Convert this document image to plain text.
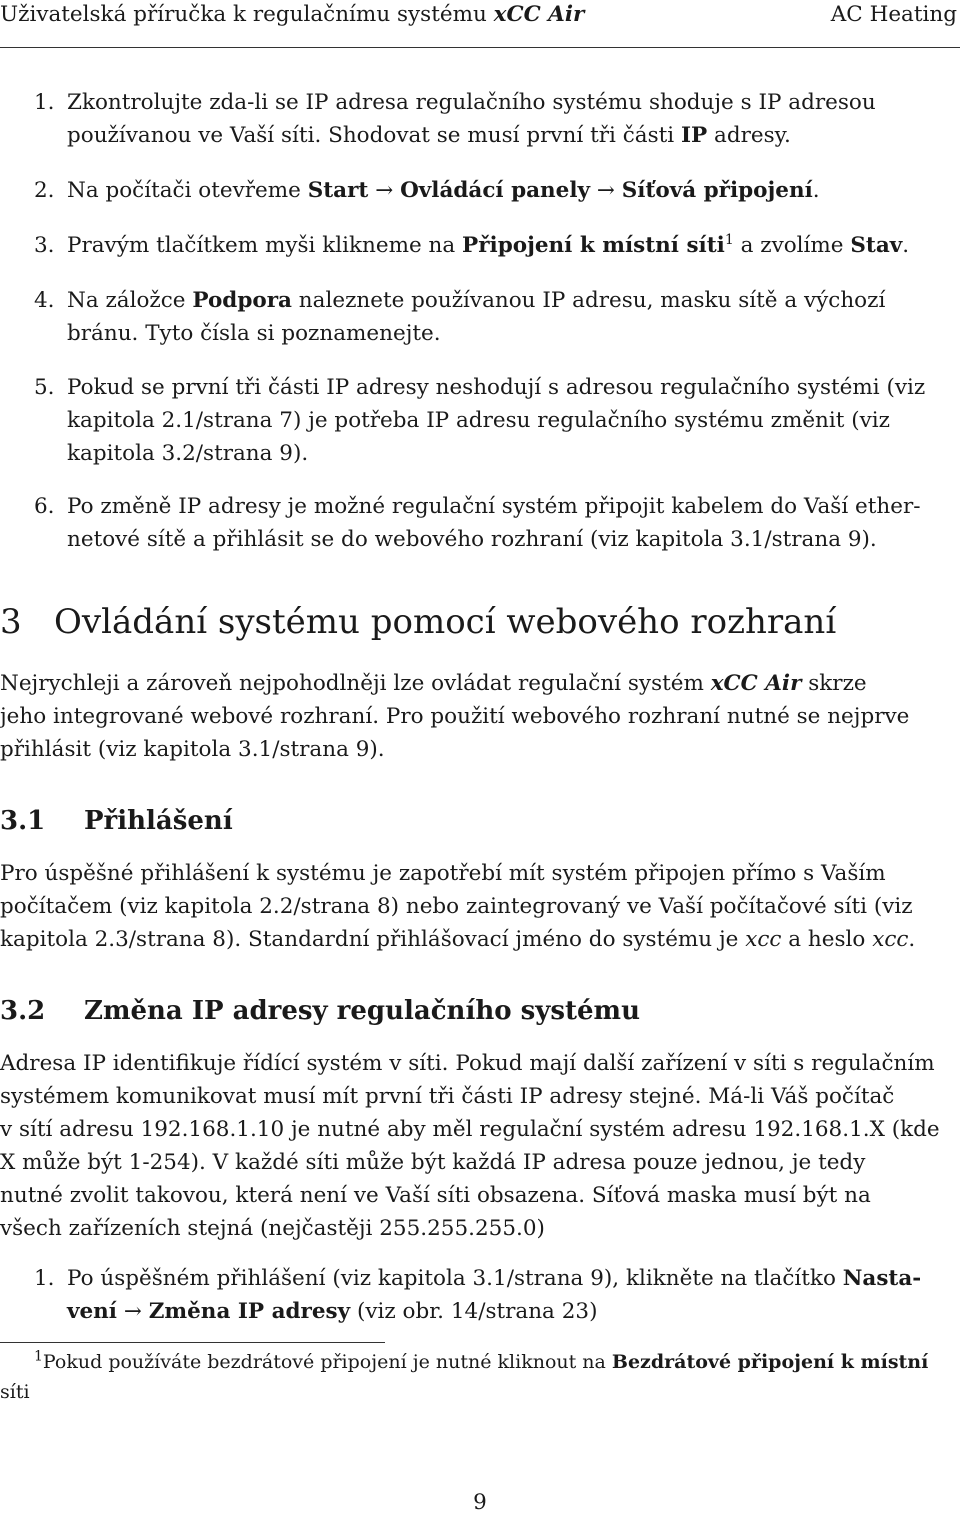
Uživatelská příručka k regulačnímu systému xCC Air	AC Heating
1. Zkontrolujte zda-li se IP adresa regulačního systému shoduje s IP adresou
používanou ve Vaší síti. Shodovat se musí první tři části IP adresy.
2. Na počítači otevřeme Start → Ovládácí panely → Síťová připojení.
3. Pravým tlačítkem myši klikneme na Připojení k místní síti$^1$ a zvolíme Stav.
4. Na záložce Podpora naleznete používanou IP adresu, masku sítě a výchozí
bránu. Tyto čísla si poznamenejte.
5. Pokud se první tři části IP adresy neshodují s adresou regulačního systémi (viz
kapitola 2.1/strana 7) je potřeba IP adresu regulačního systému změnit (viz
kapitola 3.2/strana 9).
6. Po změně IP adresy je možné regulační systém připojit kabelem do Vaší ether-
netové sítě a přihlásit se do webového rozhraní (viz kapitola 3.1/strana 9).
3   Ovládání systému pomocí webového rozhraní
Nejrychleji a zároveň nejpohodlněji lze ovládat regulační systém xCC Air skrze
jeho integrované webové rozhraní. Pro použití webového rozhraní nutné se nejprve
přihlásit (viz kapitola 3.1/strana 9).
3.1 Přihlášení
Pro úspěšné přihlášení k systému je zapotřebí mít systém připojen přímo s Vaším
počítačem (viz kapitola 2.2/strana 8) nebo zaintegrovaný ve Vaší počítačové síti (viz
kapitola 2.3/strana 8). Standardní přihlášovací jméno do systému je xcc a heslo xcc.
3.2 Změna IP adresy regulačního systému
Adresa IP identifikuje řídící systém v síti. Pokud mají další zařízení v síti s regulačním
systémem komunikovat musí mít první tři části IP adresy stejné. Má-li Váš počítač
v sítí adresu 192.168.1.10 je nutné aby měl regulační systém adresu 192.168.1.X (kde
X může být 1-254). V každé síti může být každá IP adresa pouze jednou, je tedy
nutné zvolit takovou, která není ve Vaší síti obsazena. Síťová maska musí být na
všech zařízeních stejná (nejčastěji 255.255.255.0)
1. Po úspěšném přihlášení (viz kapitola 3.1/strana 9), klikněte na tlačítko Nasta-
vení → Změna IP adresy (viz obr. 14/strana 23)
$^1$Pokud používáte bezdrátové připojení je nutné kliknout na Bezdrátové připojení k místní
síti
9
